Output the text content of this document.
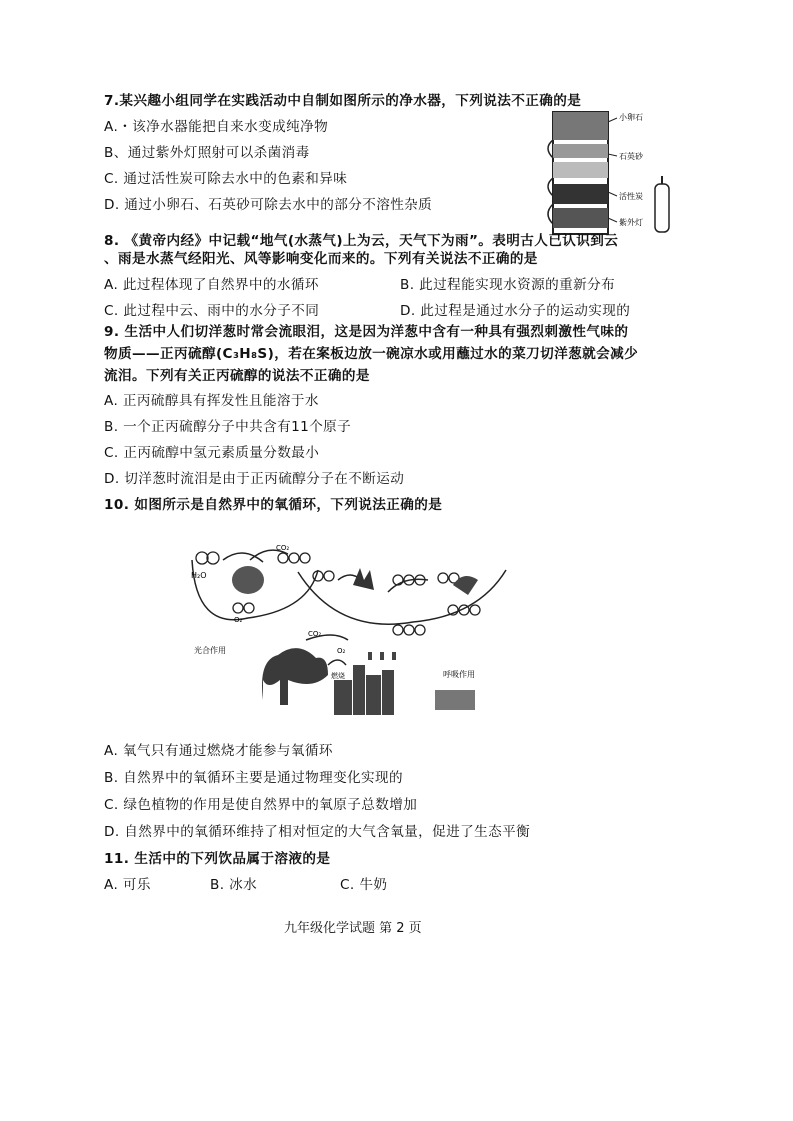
7.某兴趣小组同学在实践活动中自制如图所示的净水器，下列说法不正确的是
A.・该净水器能把自来水变成纯净物
B、通过紫外灯照射可以杀菌消毒
C. 通过活性炭可除去水中的色素和异味
D. 通过小卵石、石英砂可除去水中的部分不溶性杂质
小卵石
石英砂
活性炭
紫外灯
8. 《黄帝内经》中记载“地气(水蒸气)上为云，天气下为雨”。表明古人已认识到云
、雨是水蒸气经阳光、风等影响变化而来的。下列有关说法不正确的是
A. 此过程体现了自然界中的水循环	B. 此过程能实现水资源的重新分布
C. 此过程中云、雨中的水分子不同	D. 此过程是通过水分子的运动实现的
9. 生活中人们切洋葱时常会流眼泪，这是因为洋葱中含有一种具有强烈刺激性气味的
物质——正丙硫醇(C₃H₈S)，若在案板边放一碗凉水或用蘸过水的菜刀切洋葱就会减少
流泪。下列有关正丙硫醇的说法不正确的是
A. 正丙硫醇具有挥发性且能溶于水
B. 一个正丙硫醇分子中共含有11个原子
C. 正丙硫醇中氢元素质量分数最小
D. 切洋葱时流泪是由于正丙硫醇分子在不断运动
10. 如图所示是自然界中的氧循环，下列说法正确的是
H₂O
CO₂
O₂
光合作用
CO₂
O₂
燃烧	呼吸作用
A. 氧气只有通过燃烧才能参与氧循环
B. 自然界中的氧循环主要是通过物理变化实现的
C. 绿色植物的作用是使自然界中的氧原子总数增加
D. 自然界中的氧循环维持了相对恒定的大气含氧量，促进了生态平衡
11. 生活中的下列饮品属于溶液的是
A. 可乐	B. 冰水	C. 牛奶
九年级化学试题 第 2 页
